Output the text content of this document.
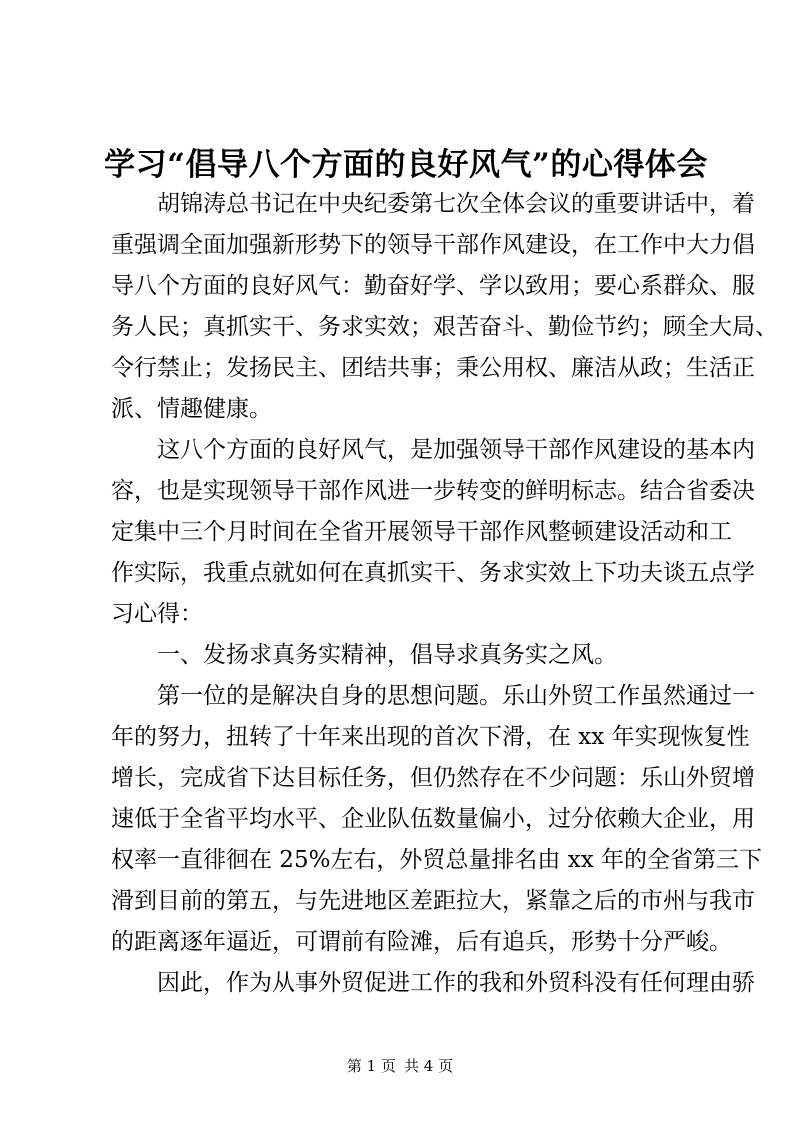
学习“倡导八个方面的良好风气”的心得体会
胡锦涛总书记在中央纪委第七次全体会议的重要讲话中，着
重强调全面加强新形势下的领导干部作风建设，在工作中大力倡
导八个方面的良好风气：勤奋好学、学以致用；要心系群众、服
务人民；真抓实干、务求实效；艰苦奋斗、勤俭节约；顾全大局、
令行禁止；发扬民主、团结共事；秉公用权、廉洁从政；生活正
派、情趣健康。
这八个方面的良好风气，是加强领导干部作风建设的基本内
容，也是实现领导干部作风进一步转变的鲜明标志。结合省委决
定集中三个月时间在全省开展领导干部作风整顿建设活动和工
作实际，我重点就如何在真抓实干、务求实效上下功夫谈五点学
习心得：
一、发扬求真务实精神，倡导求真务实之风。
第一位的是解决自身的思想问题。乐山外贸工作虽然通过一
年的努力，扭转了十年来出现的首次下滑，在 xx 年实现恢复性
增长，完成省下达目标任务，但仍然存在不少问题：乐山外贸增
速低于全省平均水平、企业队伍数量偏小，过分依赖大企业，用
权率一直徘徊在 25%左右，外贸总量排名由 xx 年的全省第三下
滑到目前的第五，与先进地区差距拉大，紧靠之后的市州与我市
的距离逐年逼近，可谓前有险滩，后有追兵，形势十分严峻。
因此，作为从事外贸促进工作的我和外贸科没有任何理由骄
第 1 页 共 4 页
